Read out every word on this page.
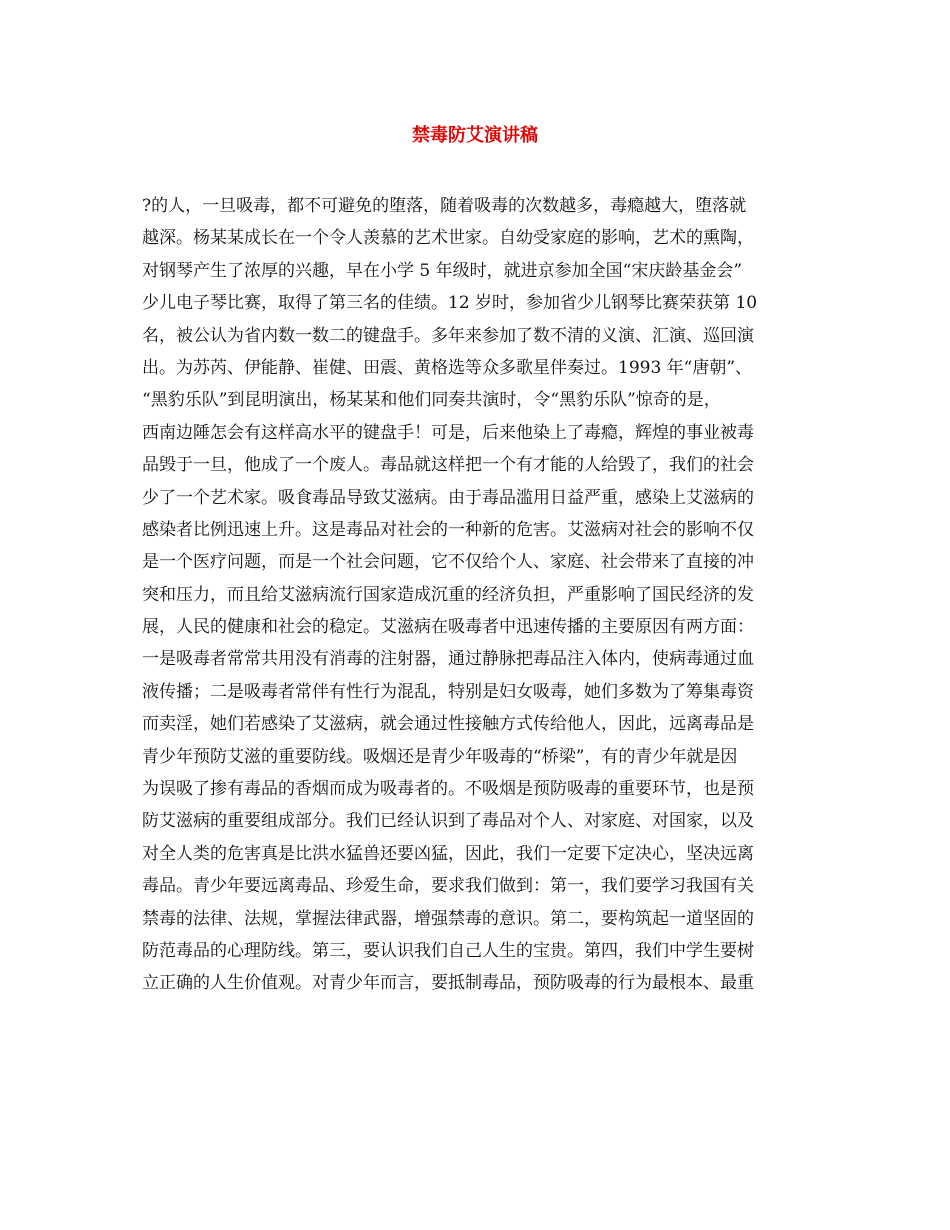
禁毒防艾演讲稿
?的人，一旦吸毒，都不可避免的堕落，随着吸毒的次数越多，毒瘾越大，堕落就
越深。杨某某成长在一个令人羡慕的艺术世家。自幼受家庭的影响，艺术的熏陶，
对钢琴产生了浓厚的兴趣，早在小学 5 年级时，就进京参加全国“宋庆龄基金会”
少儿电子琴比赛，取得了第三名的佳绩。12 岁时，参加省少儿钢琴比赛荣获第 10
名，被公认为省内数一数二的键盘手。多年来参加了数不清的义演、汇演、巡回演
出。为苏芮、伊能静、崔健、田震、黄格选等众多歌星伴奏过。1993 年“唐朝”、
“黑豹乐队”到昆明演出，杨某某和他们同奏共演时，令“黑豹乐队”惊奇的是，
西南边陲怎会有这样高水平的键盘手！可是，后来他染上了毒瘾，辉煌的事业被毒
品毁于一旦，他成了一个废人。毒品就这样把一个有才能的人给毁了，我们的社会
少了一个艺术家。吸食毒品导致艾滋病。由于毒品滥用日益严重，感染上艾滋病的
感染者比例迅速上升。这是毒品对社会的一种新的危害。艾滋病对社会的影响不仅
是一个医疗问题，而是一个社会问题，它不仅给个人、家庭、社会带来了直接的冲
突和压力，而且给艾滋病流行国家造成沉重的经济负担，严重影响了国民经济的发
展，人民的健康和社会的稳定。艾滋病在吸毒者中迅速传播的主要原因有两方面：
一是吸毒者常常共用没有消毒的注射器，通过静脉把毒品注入体内，使病毒通过血
液传播；二是吸毒者常伴有性行为混乱，特别是妇女吸毒，她们多数为了筹集毒资
而卖淫，她们若感染了艾滋病，就会通过性接触方式传给他人，因此，远离毒品是
青少年预防艾滋的重要防线。吸烟还是青少年吸毒的“桥梁”，有的青少年就是因
为误吸了掺有毒品的香烟而成为吸毒者的。不吸烟是预防吸毒的重要环节，也是预
防艾滋病的重要组成部分。我们已经认识到了毒品对个人、对家庭、对国家，以及
对全人类的危害真是比洪水猛兽还要凶猛，因此，我们一定要下定决心，坚决远离
毒品。青少年要远离毒品、珍爱生命，要求我们做到：第一，我们要学习我国有关
禁毒的法律、法规，掌握法律武器，增强禁毒的意识。第二，要构筑起一道坚固的
防范毒品的心理防线。第三，要认识我们自己人生的宝贵。第四，我们中学生要树
立正确的人生价值观。对青少年而言，要抵制毒品，预防吸毒的行为最根本、最重
